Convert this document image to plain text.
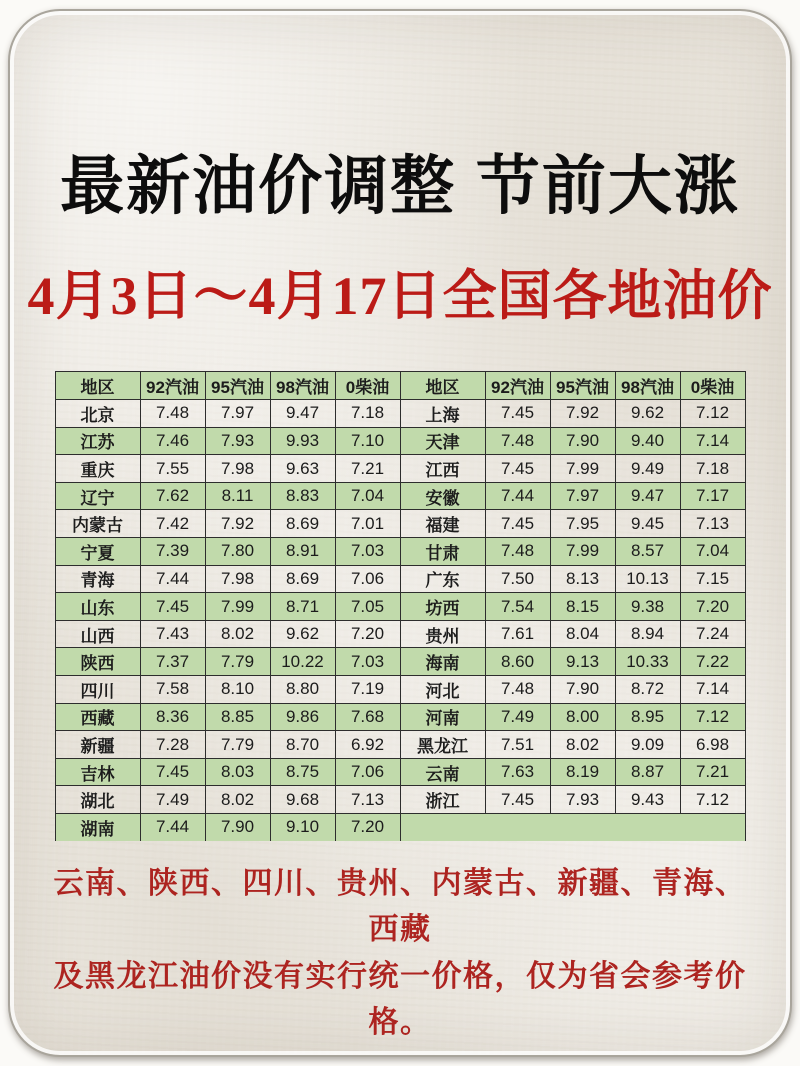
最新油价调整 节前大涨
4月3日～4月17日全国各地油价
地区	92汽油	95汽油	98汽油	0柴油	地区	92汽油	95汽油	98汽油	0柴油
北京	7.48	7.97	9.47	7.18	上海	7.45	7.92	9.62	7.12
江苏	7.46	7.93	9.93	7.10	天津	7.48	7.90	9.40	7.14
重庆	7.55	7.98	9.63	7.21	江西	7.45	7.99	9.49	7.18
辽宁	7.62	8.11	8.83	7.04	安徽	7.44	7.97	9.47	7.17
内蒙古	7.42	7.92	8.69	7.01	福建	7.45	7.95	9.45	7.13
宁夏	7.39	7.80	8.91	7.03	甘肃	7.48	7.99	8.57	7.04
青海	7.44	7.98	8.69	7.06	广东	7.50	8.13	10.13	7.15
山东	7.45	7.99	8.71	7.05	坊西	7.54	8.15	9.38	7.20
山西	7.43	8.02	9.62	7.20	贵州	7.61	8.04	8.94	7.24
陕西	7.37	7.79	10.22	7.03	海南	8.60	9.13	10.33	7.22
四川	7.58	8.10	8.80	7.19	河北	7.48	7.90	8.72	7.14
西藏	8.36	8.85	9.86	7.68	河南	7.49	8.00	8.95	7.12
新疆	7.28	7.79	8.70	6.92	黑龙江	7.51	8.02	9.09	6.98
吉林	7.45	8.03	8.75	7.06	云南	7.63	8.19	8.87	7.21
湖北	7.49	8.02	9.68	7.13	浙江	7.45	7.93	9.43	7.12
湖南	7.44	7.90	9.10	7.20					
云南、陕西、四川、贵州、内蒙古、新疆、青海、西藏
及黑龙江油价没有实行统一价格，仅为省会参考价格。
